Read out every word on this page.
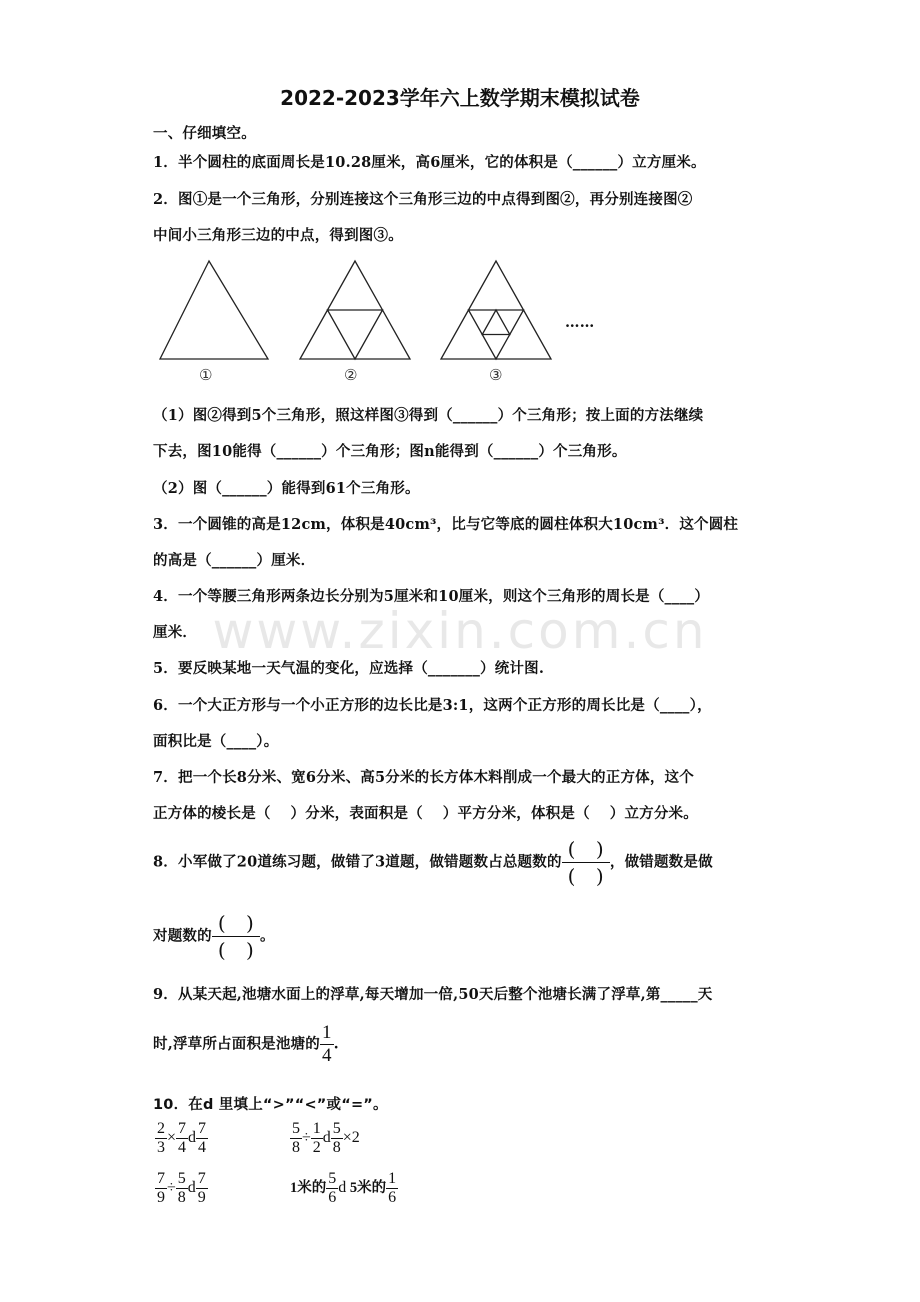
2022-2023学年六上数学期末模拟试卷
一、仔细填空。
1．半个圆柱的底面周长是10.28厘米，高6厘米，它的体积是（______）立方厘米。
2．图①是一个三角形，分别连接这个三角形三边的中点得到图②，再分别连接图②
中间小三角形三边的中点，得到图③。
①	②	③
……
（1）图②得到5个三角形，照这样图③得到（______）个三角形；按上面的方法继续
下去，图10能得（______）个三角形；图n能得到（______）个三角形。
（2）图（______）能得到61个三角形。
3．一个圆锥的高是12cm，体积是40cm³，比与它等底的圆柱体积大10cm³．这个圆柱
的高是（______）厘米．
4．一个等腰三角形两条边长分别为5厘米和10厘米，则这个三角形的周长是（____）
厘米． www.zixin.com.cn
5．要反映某地一天气温的变化，应选择（_______）统计图.
6．一个大正方形与一个小正方形的边长比是3:1，这两个正方形的周长比是（____），
面积比是（____）。
7．把一个长8分米、宽6分米、高5分米的长方体木料削成一个最大的正方体，这个
正方体的棱长是（　 ）分米，表面积是（　 ）平方分米，体积是（　 ）立方分米。
8．小军做了20道练习题，做错了3道题，做错题数占总题数的
(　)
(　)
，做错题数是做
对题数的
(　)
(　)
。
9．从某天起,池塘水面上的浮草,每天增加一倍,50天后整个池塘长满了浮草,第_____天
时,浮草所占面积是池塘的 $\frac{1}{4}$ .
10．在d 里填上“>”“<”或“=”。
$\frac{2}{3} \times \frac{7}{4}$ d $\frac{7}{4}$	$\frac{5}{8} \div \frac{1}{2}$ d $\frac{5}{8} \times 2$
$\frac{7}{9} \div \frac{5}{8}$ d $\frac{7}{9}$	1米的 $\frac{5}{6}$ d 5米的 $\frac{1}{6}$
